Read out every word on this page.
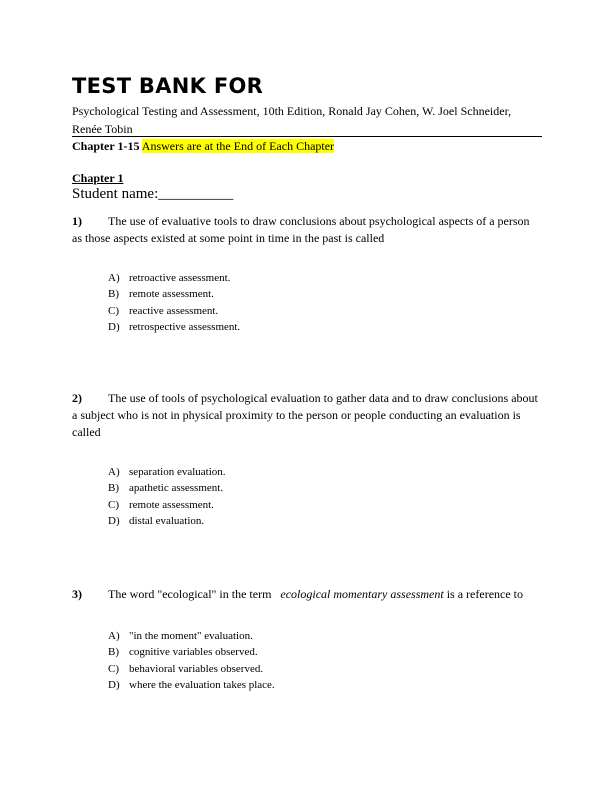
TEST BANK FOR
Psychological Testing and Assessment, 10th Edition, Ronald Jay Cohen, W. Joel Schneider, Renée Tobin
Chapter 1-15 Answers are at the End of Each Chapter
Chapter 1
Student name:__________
1) The use of evaluative tools to draw conclusions about psychological aspects of a person as those aspects existed at some point in time in the past is called
A) retroactive assessment.
B) remote assessment.
C) reactive assessment.
D) retrospective assessment.
2) The use of tools of psychological evaluation to gather data and to draw conclusions about a subject who is not in physical proximity to the person or people conducting an evaluation is called
A) separation evaluation.
B) apathetic assessment.
C) remote assessment.
D) distal evaluation.
3) The word "ecological" in the term ecological momentary assessment is a reference to
A) "in the moment" evaluation.
B) cognitive variables observed.
C) behavioral variables observed.
D) where the evaluation takes place.
